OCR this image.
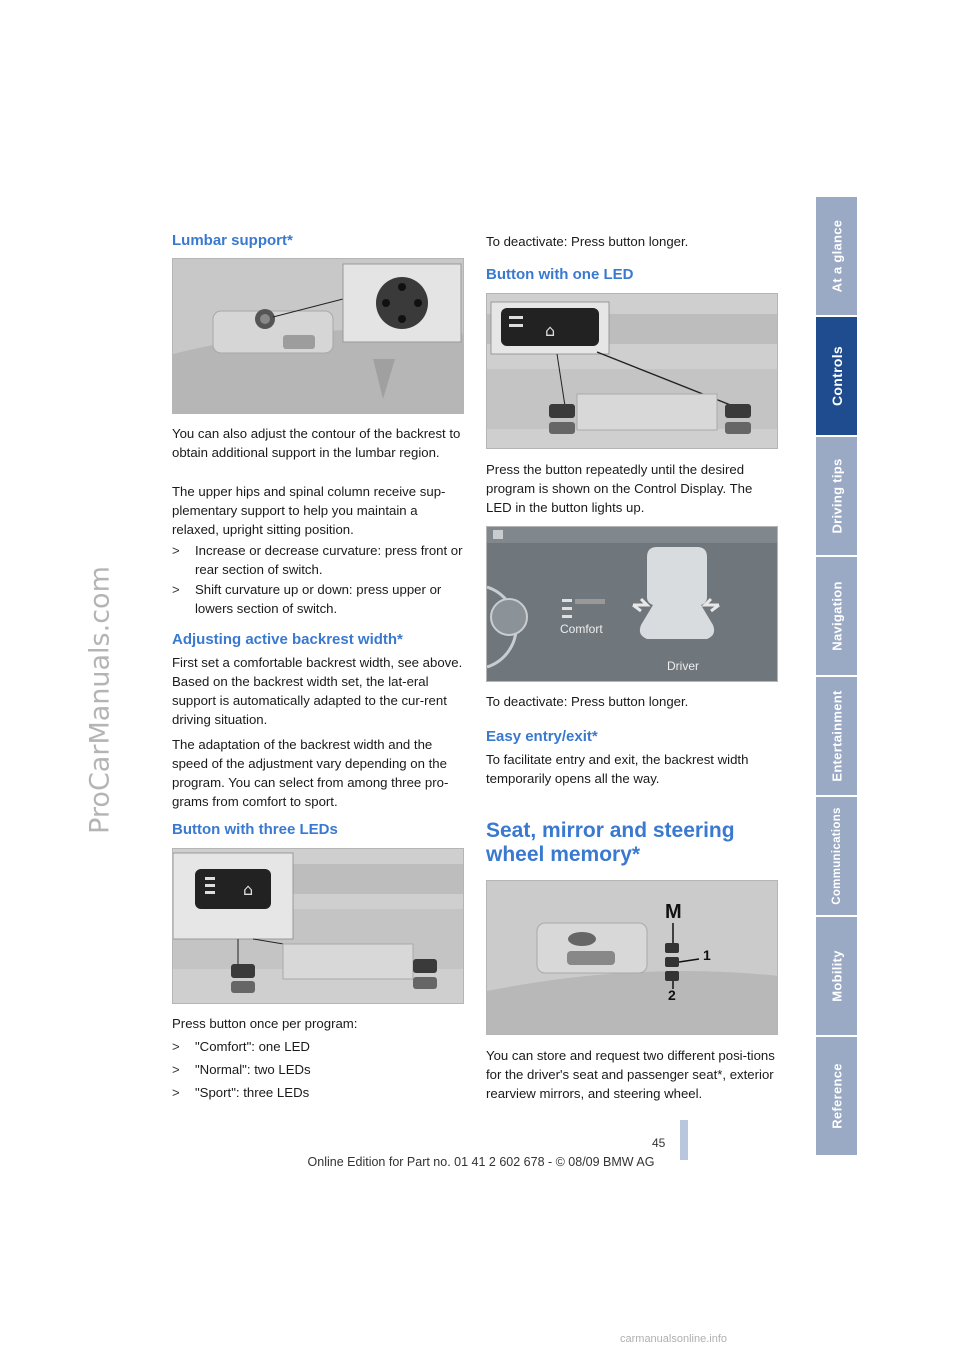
ProCarManuals.com
At a glance
Controls
Driving tips
Navigation
Entertainment
Communications
Mobility
Reference
Lumbar support*

You can also adjust the contour of the backrest to obtain additional support in the lumbar region.

The upper hips and spinal column receive sup-plementary support to help you maintain a relaxed, upright sitting position.

>	Increase or decrease curvature: press front or rear section of switch.
>	Shift curvature up or down: press upper or lowers section of switch.
Adjusting active backrest width*

First set a comfortable backrest width, see above. Based on the backrest width set, the lat-eral support is automatically adapted to the cur-rent driving situation.

The adaptation of the backrest width and the speed of the adjustment vary depending on the program. You can select from among three pro-grams from comfort to sport.

Button with three LEDs
⌂

Press button once per program:

>	"Comfort": one LED
>	"Normal": two LEDs
>	"Sport": three LEDs

To deactivate: Press button longer.

Button with one LED
⌂

Press the button repeatedly until the desired program is shown on the Control Display. The LED in the button lights up.

Comfort
Driver

To deactivate: Press button longer.

Easy entry/exit*

To facilitate entry and exit, the backrest width temporarily opens all the way.

Seat, mirror and steering wheel memory*
M
1
2

You can store and request two different posi-tions for the driver's seat and passenger seat*, exterior rearview mirrors, and steering wheel.

45
Online Edition for Part no. 01 41 2 602 678 - © 08/09 BMW AG
carmanualsonline.info
